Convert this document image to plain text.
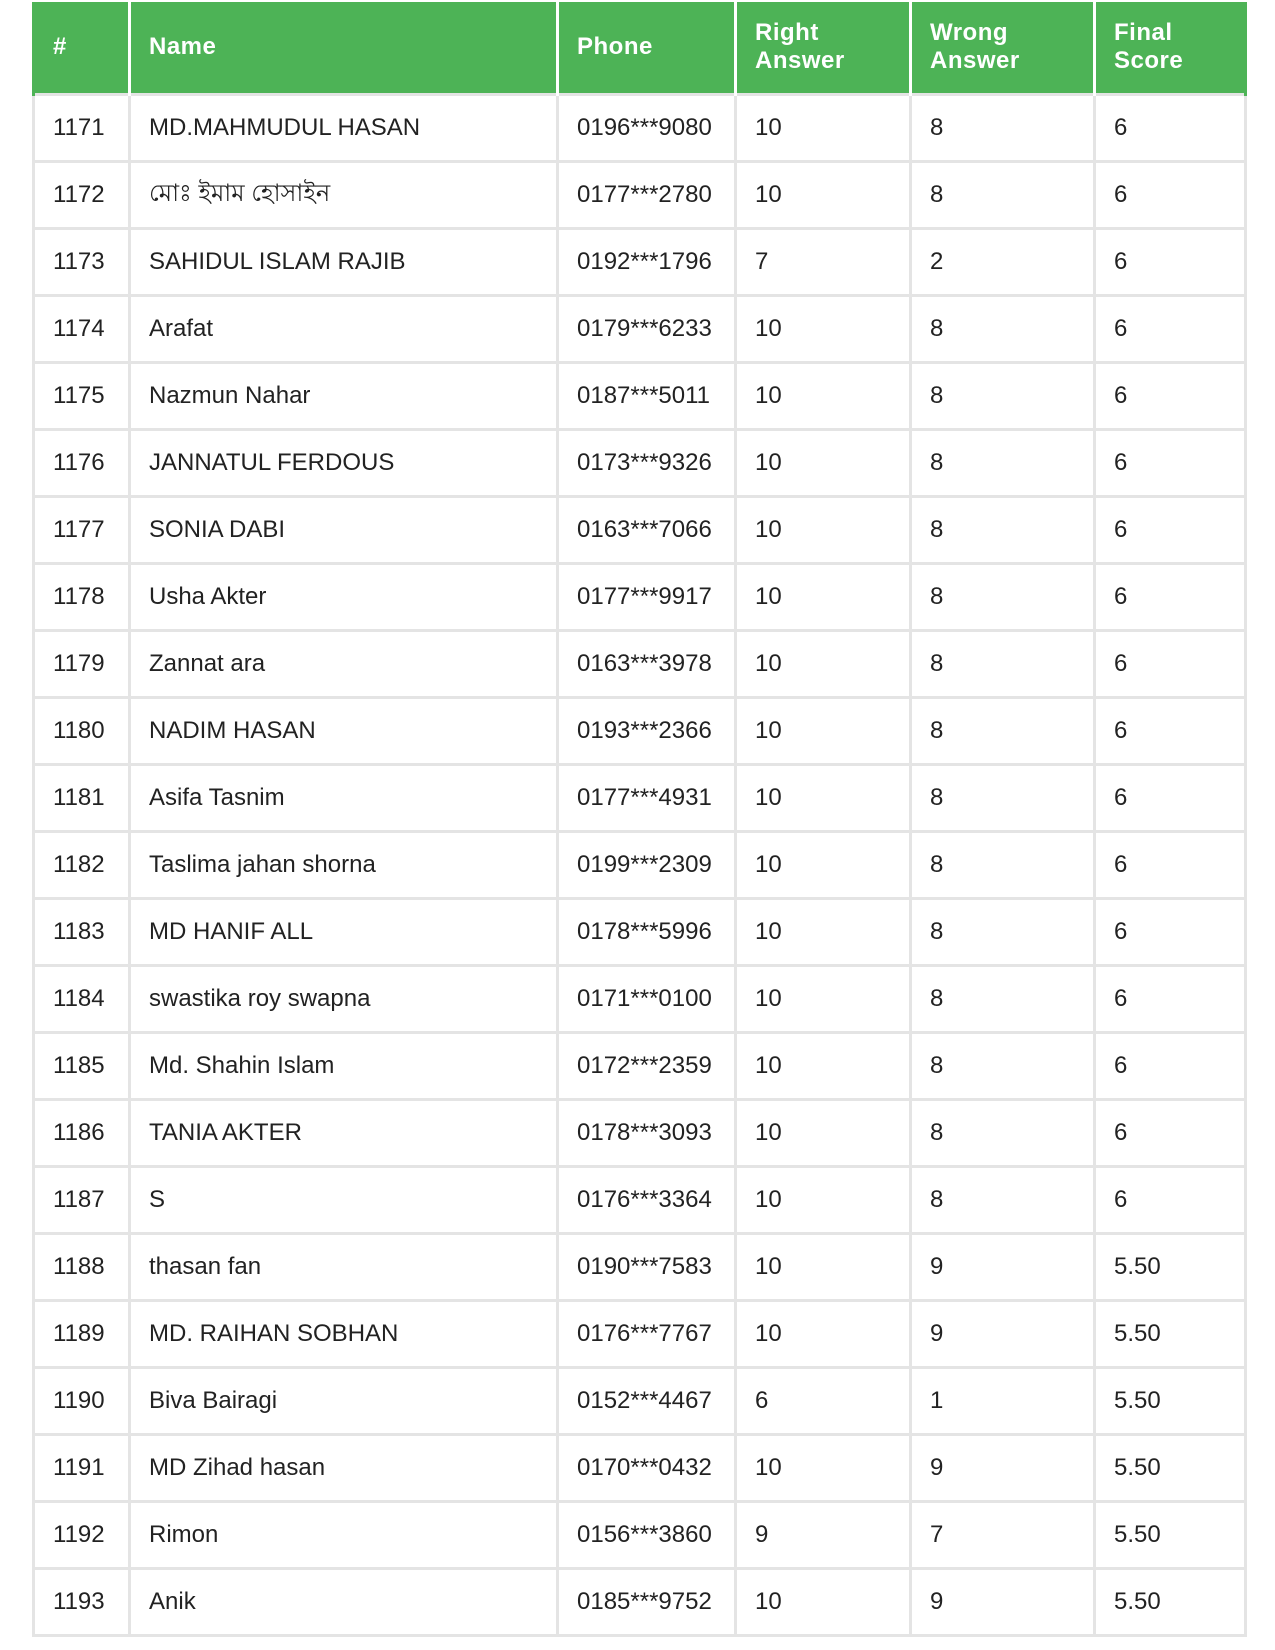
#	Name	Phone	Right Answer	Wrong Answer	Final Score
1171	MD.MAHMUDUL HASAN	0196***9080	10	8	6
1172	মোঃ ইমাম হোসাইন	0177***2780	10	8	6
1173	SAHIDUL ISLAM RAJIB	0192***1796	7	2	6
1174	Arafat	0179***6233	10	8	6
1175	Nazmun Nahar	0187***5011	10	8	6
1176	JANNATUL FERDOUS	0173***9326	10	8	6
1177	SONIA DABI	0163***7066	10	8	6
1178	Usha Akter	0177***9917	10	8	6
1179	Zannat ara	0163***3978	10	8	6
1180	NADIM HASAN	0193***2366	10	8	6
1181	Asifa Tasnim	0177***4931	10	8	6
1182	Taslima jahan shorna	0199***2309	10	8	6
1183	MD HANIF ALL	0178***5996	10	8	6
1184	swastika roy swapna	0171***0100	10	8	6
1185	Md. Shahin Islam	0172***2359	10	8	6
1186	TANIA AKTER	0178***3093	10	8	6
1187	S	0176***3364	10	8	6
1188	thasan fan	0190***7583	10	9	5.50
1189	MD. RAIHAN SOBHAN	0176***7767	10	9	5.50
1190	Biva Bairagi	0152***4467	6	1	5.50
1191	MD Zihad hasan	0170***0432	10	9	5.50
1192	Rimon	0156***3860	9	7	5.50
1193	Anik	0185***9752	10	9	5.50
